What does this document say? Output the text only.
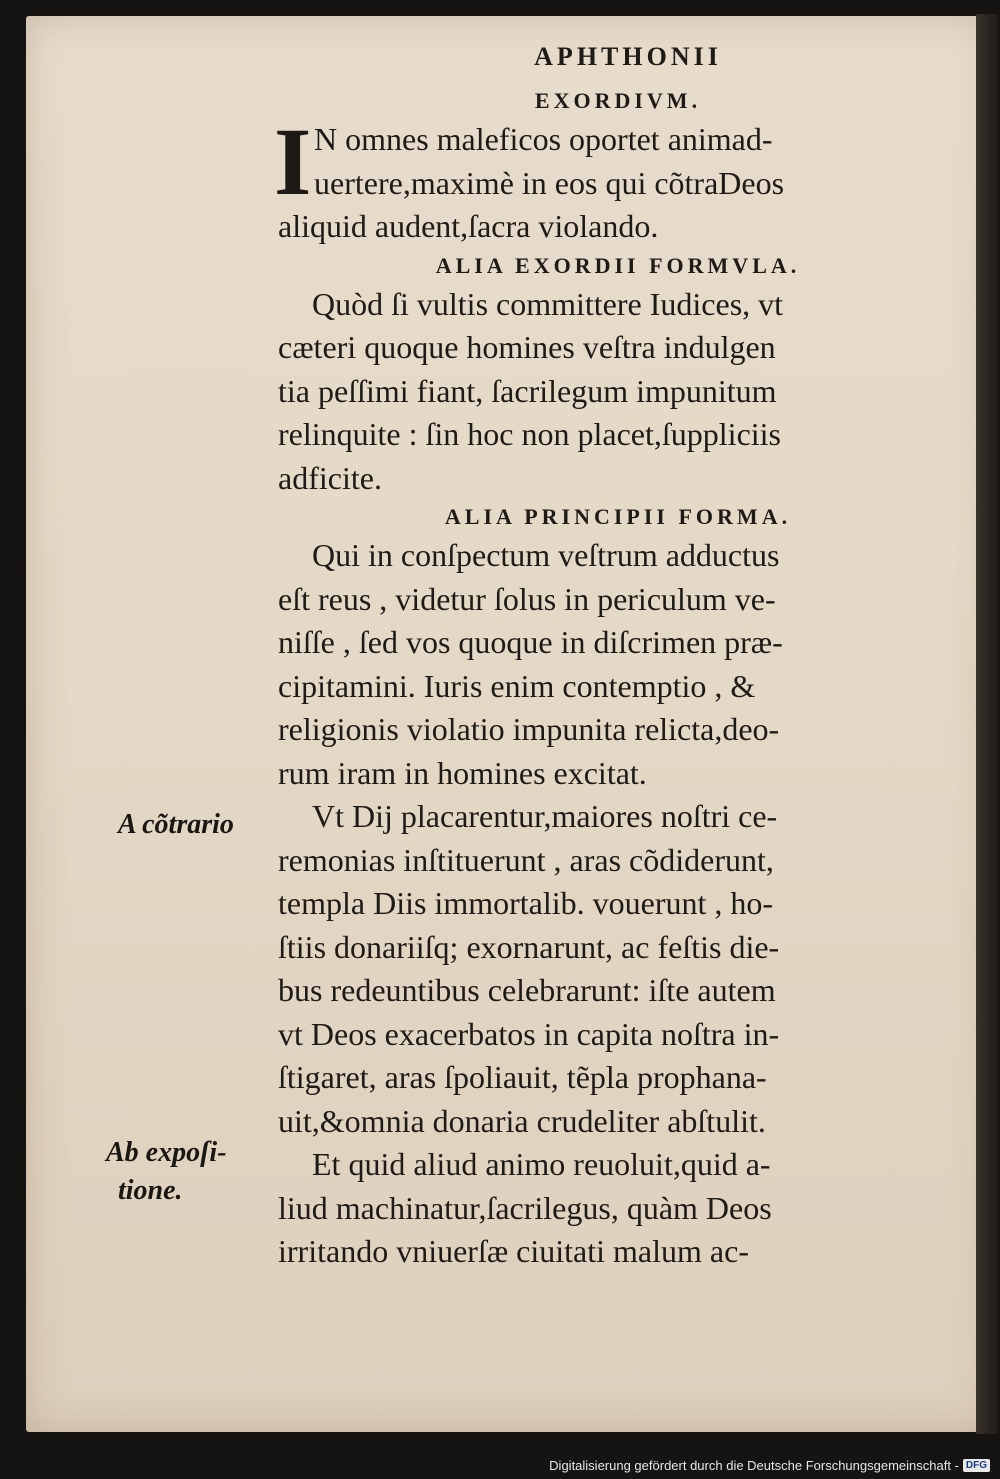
APHTHONII
EXORDIVM.
I N omnes maleficos oportet animad-
uertere,maximè in eos qui cõtraDeos
aliquid audent,ſacra violando.
ALIA EXORDII FORMVLA.
Quòd ſi vultis committere Iudices, vt
cæteri quoque homines veſtra indulgen
tia peſſimi fiant, ſacrilegum impunitum
relinquite : ſin hoc non placet,ſuppliciis
adficite.
ALIA PRINCIPII FORMA.
Qui in conſpectum veſtrum adductus
eſt reus , videtur ſolus in periculum ve-
niſſe , ſed vos quoque in diſcrimen præ-
cipitamini. Iuris enim contemptio , &
religionis violatio impunita relicta,deo-
rum iram in homines excitat.
Vt Dij placarentur,maiores noſtri ce-
remonias inſtituerunt , aras cõdiderunt,
templa Diis immortalib. vouerunt , ho-
ſtiis donariiſq; exornarunt, ac feſtis die-
bus redeuntibus celebrarunt: iſte autem
vt Deos exacerbatos in capita noſtra in-
ſtigaret, aras ſpoliauit, tẽpla prophana-
uit,&omnia donaria crudeliter abſtulit.
Et quid aliud animo reuoluit,quid a-
liud machinatur,ſacrilegus, quàm Deos
irritando vniuerſæ ciuitati malum ac-
A cõtrario
Ab expoſi-
tione.
Digitalisierung gefördert durch die Deutsche Forschungsgemeinschaft - DFG
